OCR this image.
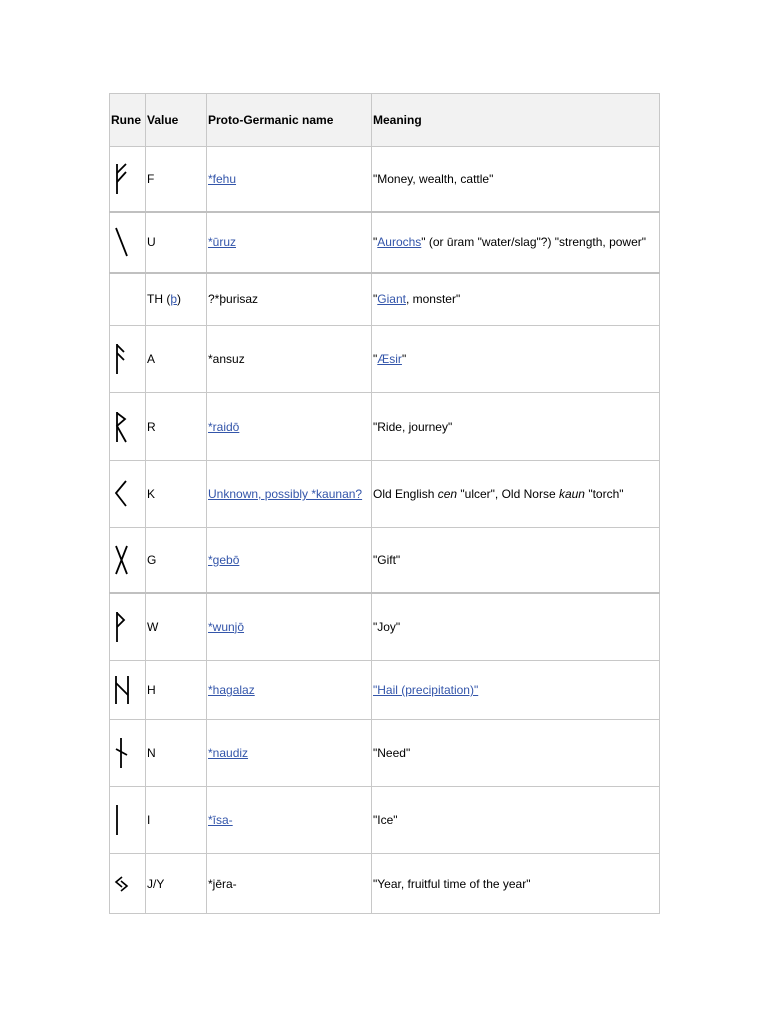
Rune	Value	Proto-Germanic name	Meaning

	F	*fehu	"Money, wealth, cattle"

	U	*ūruz	"Aurochs" (or ūram "water/slag"?) "strength, power"
	TH (þ)	?*þurisaz	"Giant, monster"

	A	*ansuz	"Æsir"

	R	*raidō	"Ride, journey"

	K	Unknown, possibly *kaunan?	Old English cen "ulcer", Old Norse kaun "torch"

	G	*gebō	"Gift"

	W	*wunjō	"Joy"

	H	*hagalaz	"Hail (precipitation)"

	N	*naudiz	"Need"

	I	*īsa-	"Ice"

	J/Y	*jēra-	"Year, fruitful time of the year"
